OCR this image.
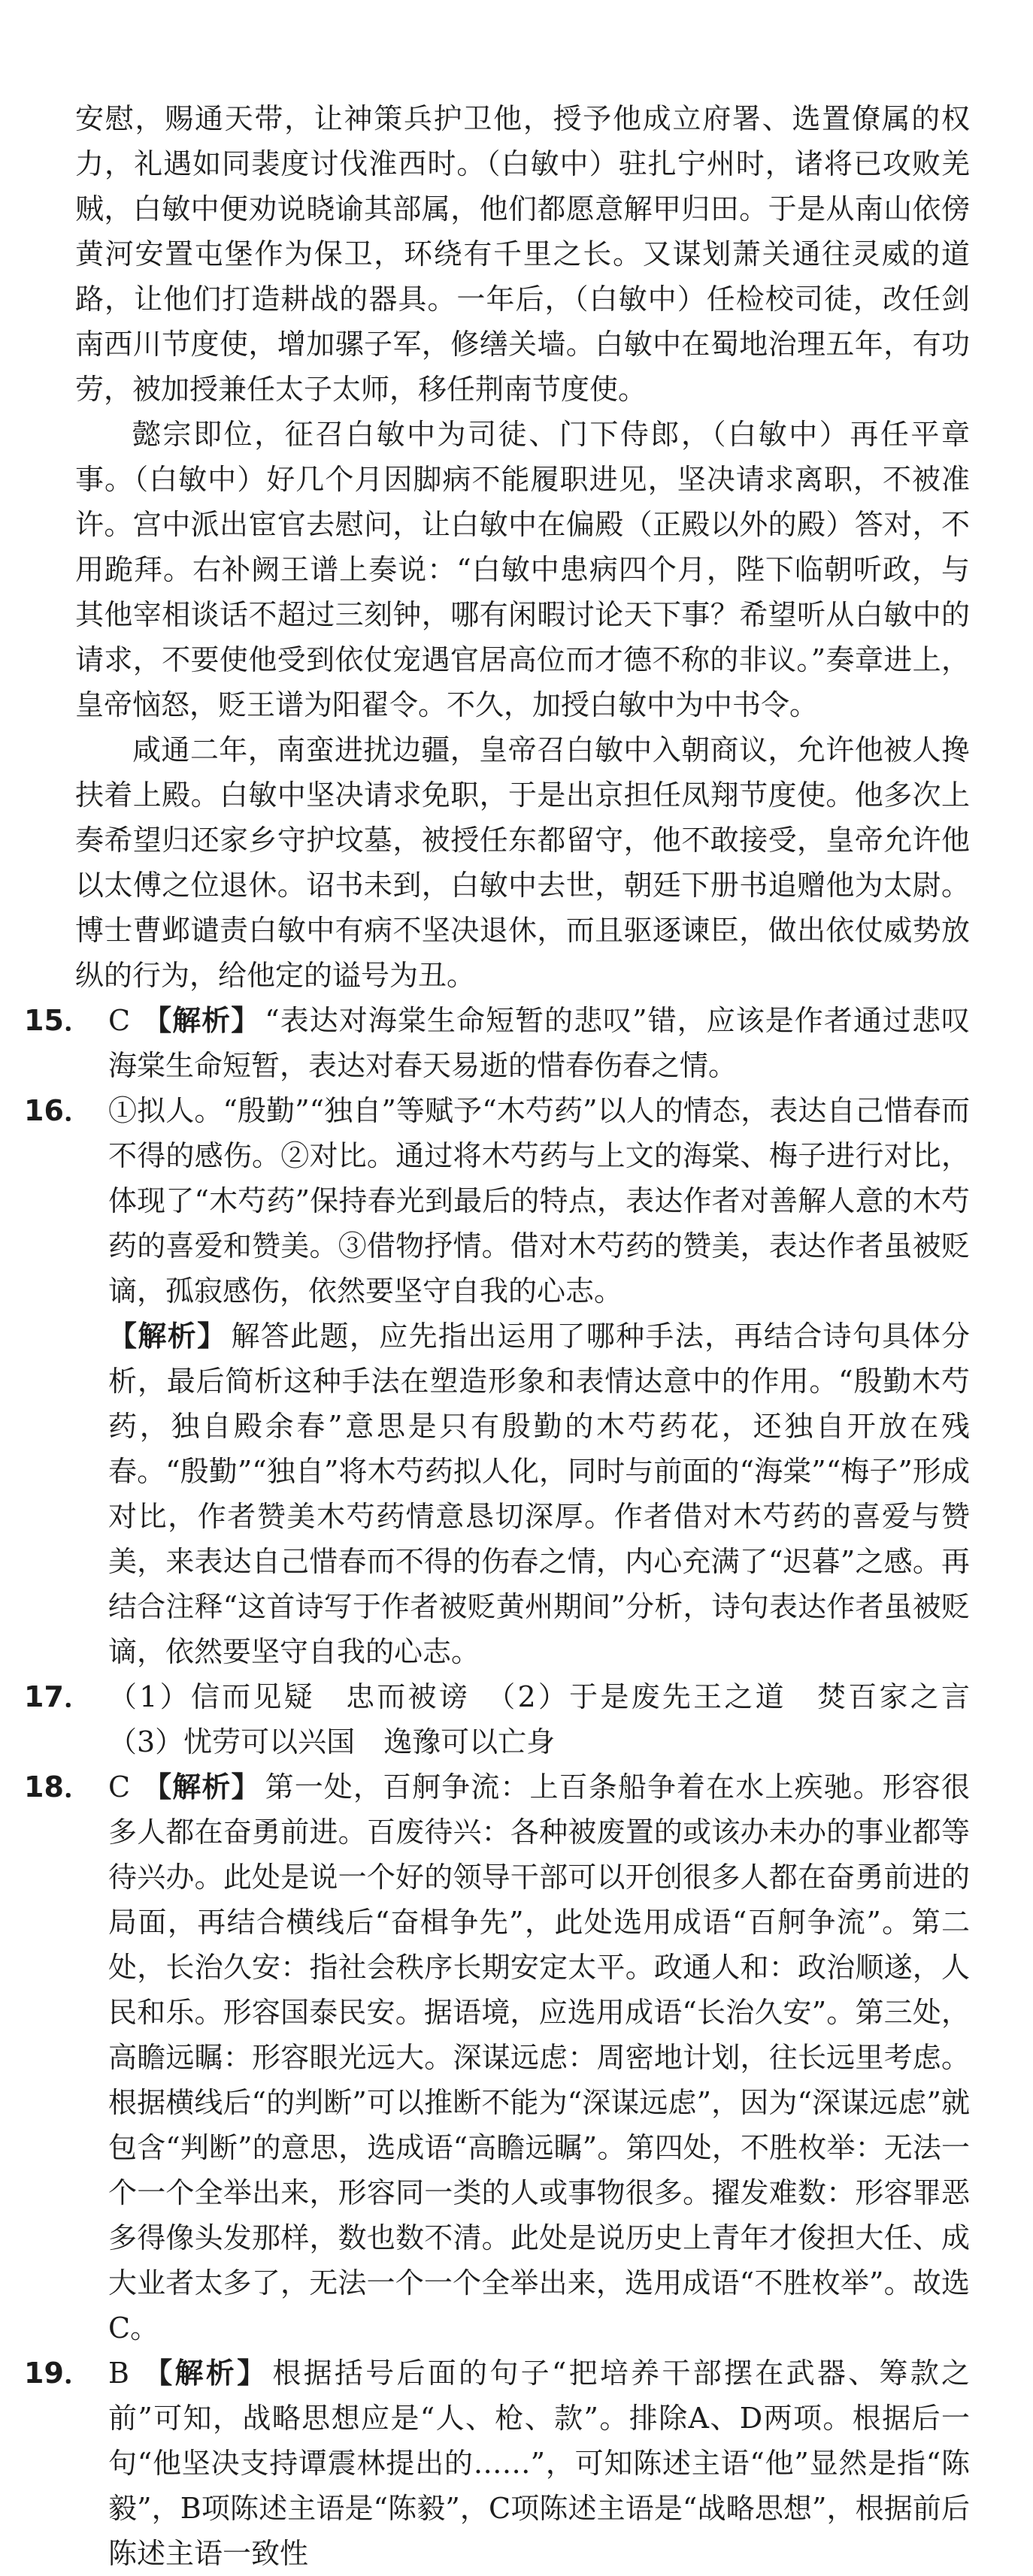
安慰，赐通天带，让神策兵护卫他，授予他成立府署、选置僚属的权力，礼遇如同裴度讨伐淮西时。（白敏中）驻扎宁州时，诸将已攻败羌贼，白敏中便劝说晓谕其部属，他们都愿意解甲归田。于是从南山依傍黄河安置屯堡作为保卫，环绕有千里之长。又谋划萧关通往灵威的道路，让他们打造耕战的器具。一年后，（白敏中）任检校司徒，改任剑南西川节度使，增加骡子军，修缮关墙。白敏中在蜀地治理五年，有功劳，被加授兼任太子太师，移任荆南节度使。

懿宗即位，征召白敏中为司徒、门下侍郎，（白敏中）再任平章事。（白敏中）好几个月因脚病不能履职进见，坚决请求离职，不被准许。宫中派出宦官去慰问，让白敏中在偏殿（正殿以外的殿）答对，不用跪拜。右补阙王谱上奏说：“白敏中患病四个月，陛下临朝听政，与其他宰相谈话不超过三刻钟，哪有闲暇讨论天下事？希望听从白敏中的请求，不要使他受到依仗宠遇官居高位而才德不称的非议。”奏章进上，皇帝恼怒，贬王谱为阳翟令。不久，加授白敏中为中书令。

咸通二年，南蛮进扰边疆，皇帝召白敏中入朝商议，允许他被人搀扶着上殿。白敏中坚决请求免职，于是出京担任凤翔节度使。他多次上奏希望归还家乡守护坟墓，被授任东都留守，他不敢接受，皇帝允许他以太傅之位退休。诏书未到，白敏中去世，朝廷下册书追赠他为太尉。博士曹邺谴责白敏中有病不坚决退休，而且驱逐谏臣，做出依仗威势放纵的行为，给他定的谥号为丑。

15． C 【解析】 “表达对海棠生命短暂的悲叹”错，应该是作者通过悲叹海棠生命短暂，表达对春天易逝的惜春伤春之情。

16． ①拟人。“殷勤”“独自”等赋予“木芍药”以人的情态，表达自己惜春而不得的感伤。②对比。通过将木芍药与上文的海棠、梅子进行对比，体现了“木芍药”保持春光到最后的特点，表达作者对善解人意的木芍药的喜爱和赞美。③借物抒情。借对木芍药的赞美，表达作者虽被贬谪，孤寂感伤，依然要坚守自我的心志。

【解析】 解答此题，应先指出运用了哪种手法，再结合诗句具体分析，最后简析这种手法在塑造形象和表情达意中的作用。“殷勤木芍药，独自殿余春”意思是只有殷勤的木芍药花，还独自开放在残春。“殷勤”“独自”将木芍药拟人化，同时与前面的“海棠”“梅子”形成对比，作者赞美木芍药情意恳切深厚。作者借对木芍药的喜爱与赞美，来表达自己惜春而不得的伤春之情，内心充满了“迟暮”之感。再结合注释“这首诗写于作者被贬黄州期间”分析，诗句表达作者虽被贬谪，依然要坚守自我的心志。

17． （1）信而见疑　忠而被谤　（2）于是废先王之道　焚百家之言　（3）忧劳可以兴国　逸豫可以亡身

18． C 【解析】 第一处，百舸争流：上百条船争着在水上疾驰。形容很多人都在奋勇前进。百废待兴：各种被废置的或该办未办的事业都等待兴办。此处是说一个好的领导干部可以开创很多人都在奋勇前进的局面，再结合横线后“奋楫争先”，此处选用成语“百舸争流”。第二处，长治久安：指社会秩序长期安定太平。政通人和：政治顺遂，人民和乐。形容国泰民安。据语境，应选用成语“长治久安”。第三处，高瞻远瞩：形容眼光远大。深谋远虑：周密地计划，往长远里考虑。根据横线后“的判断”可以推断不能为“深谋远虑”，因为“深谋远虑”就包含“判断”的意思，选成语“高瞻远瞩”。第四处，不胜枚举：无法一个一个全举出来，形容同一类的人或事物很多。擢发难数：形容罪恶多得像头发那样，数也数不清。此处是说历史上青年才俊担大任、成大业者太多了，无法一个一个全举出来，选用成语“不胜枚举”。故选C。

19． B 【解析】 根据括号后面的句子“把培养干部摆在武器、筹款之前”可知，战略思想应是“人、枪、款”。排除A、D两项。根据后一句“他坚决支持谭震林提出的……”，可知陈述主语“他”显然是指“陈毅”，B项陈述主语是“陈毅”，C项陈述主语是“战略思想”，根据前后陈述主语一致性
